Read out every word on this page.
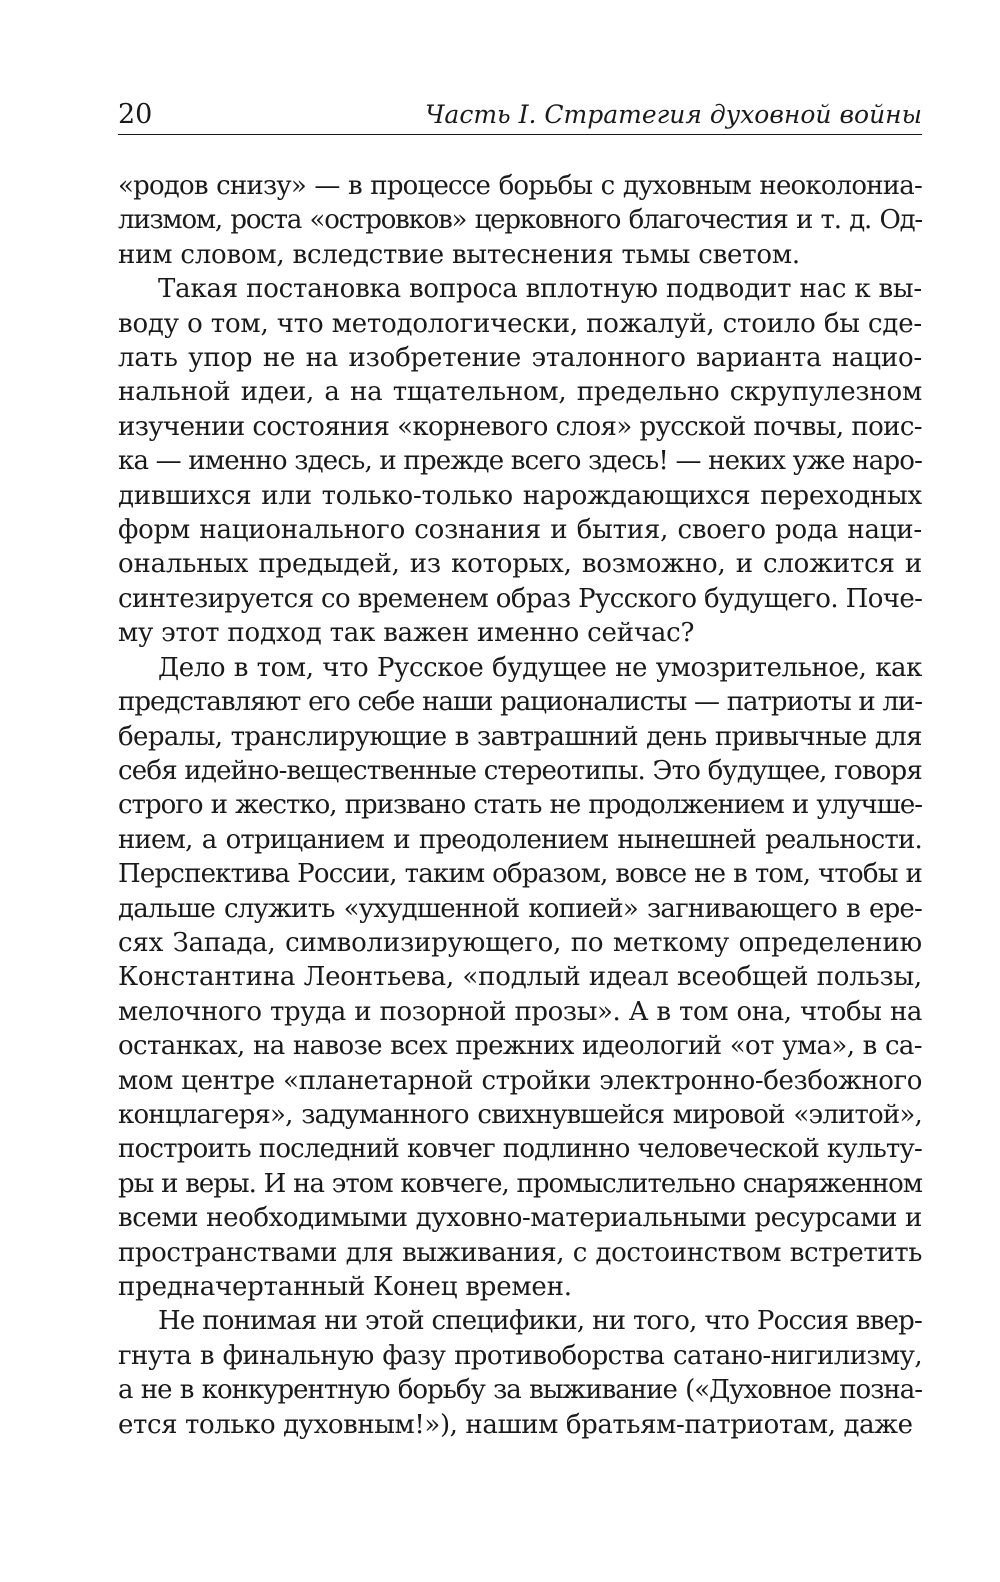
20	Часть I. Стратегия духовной войны
«родов снизу» — в процессе борьбы с духовным неоколониа-
лизмом, роста «островков» церковного благочестия и т. д. Од-
ним словом, вследствие вытеснения тьмы светом.
Такая постановка вопроса вплотную подводит нас к вы-
воду о том, что методологически, пожалуй, стоило бы сде-
лать упор не на изобретение эталонного варианта нацио-
нальной идеи, а на тщательном, предельно скрупулезном
изучении состояния «корневого слоя» русской почвы, поис-
ка — именно здесь, и прежде всего здесь! — неких уже наро-
дившихся или только-только нарождающихся переходных
форм национального сознания и бытия, своего рода наци-
ональных предыдей, из которых, возможно, и сложится и
синтезируется со временем образ Русского будущего. Поче-
му этот подход так важен именно сейчас?
Дело в том, что Русское будущее не умозрительное, как
представляют его себе наши рационалисты — патриоты и ли-
бералы, транслирующие в завтрашний день привычные для
себя идейно-вещественные стереотипы. Это будущее, говоря
строго и жестко, призвано стать не продолжением и улучше-
нием, а отрицанием и преодолением нынешней реальности.
Перспектива России, таким образом, вовсе не в том, чтобы и
дальше служить «ухудшенной копией» загнивающего в ере-
сях Запада, символизирующего, по меткому определению
Константина Леонтьева, «подлый идеал всеобщей пользы,
мелочного труда и позорной прозы». А в том она, чтобы на
останках, на навозе всех прежних идеологий «от ума», в са-
мом центре «планетарной стройки электронно-безбожного
концлагеря», задуманного свихнувшейся мировой «элитой»,
построить последний ковчег подлинно человеческой культу-
ры и веры. И на этом ковчеге, промыслительно снаряженном
всеми необходимыми духовно-материальными ресурсами и
пространствами для выживания, с достоинством встретить
предначертанный Конец времен.
Не понимая ни этой специфики, ни того, что Россия ввер-
гнута в финальную фазу противоборства сатано-нигилизму,
а не в конкурентную борьбу за выживание («Духовное позна-
ется только духовным!»), нашим братьям-патриотам, даже
